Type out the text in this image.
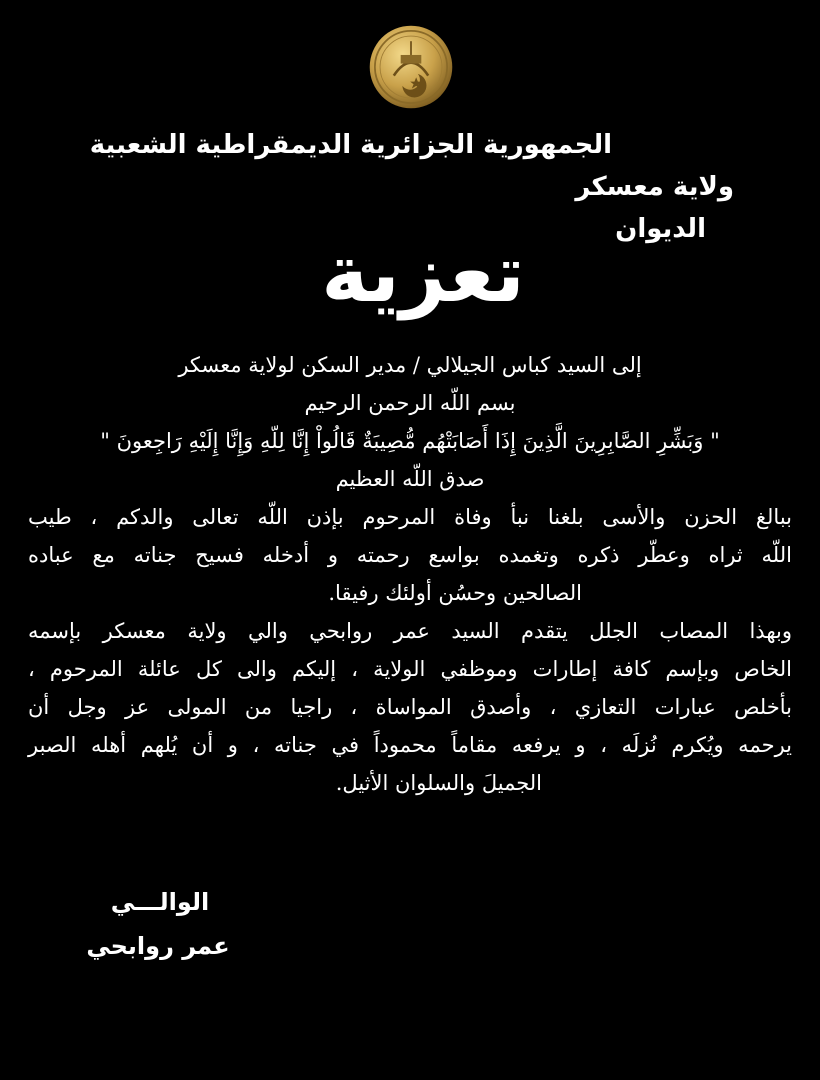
الجمهورية الجزائرية الديمقراطية الشعبية
ولاية معسكر
الديوان
تعزية
إلى السيد كباس الجيلالي / مدير السكن لولاية معسكر
بسم اللّه الرحمن الرحيم
" وَبَشِّرِ الصَّابِرِينَ الَّذِينَ إِذَا أَصَابَتْهُم مُّصِيبَةٌ قَالُواْ إِنَّا لِلّهِ وَإِنَّا إِلَيْهِ رَاجِعونَ "
صدق اللّه العظيم
ببالغ الحزن والأسى بلغنا نبأ وفاة المرحوم بإذن اللّه تعالى والدكم ، طيب
اللّه ثراه وعطّر ذكره وتغمده بواسع رحمته و أدخله فسيح جناته مع عباده
الصالحين وحسُن أولئك رفيقا.
وبهذا المصاب الجلل يتقدم السيد عمر روابحي والي ولاية معسكر بإسمه
الخاص وبإسم كافة إطارات وموظفي الولاية ، إليكم والى كل عائلة المرحوم ،
بأخلص عبارات التعازي ، وأصدق المواساة ، راجيا من المولى عز وجل أن
يرحمه ويُكرم نُزلَه ، و يرفعه مقاماً محموداً في جناته ، و أن يُلهم أهله الصبر
الجميلَ والسلوان الأثيل.
الوالـــي
عمر روابحي
